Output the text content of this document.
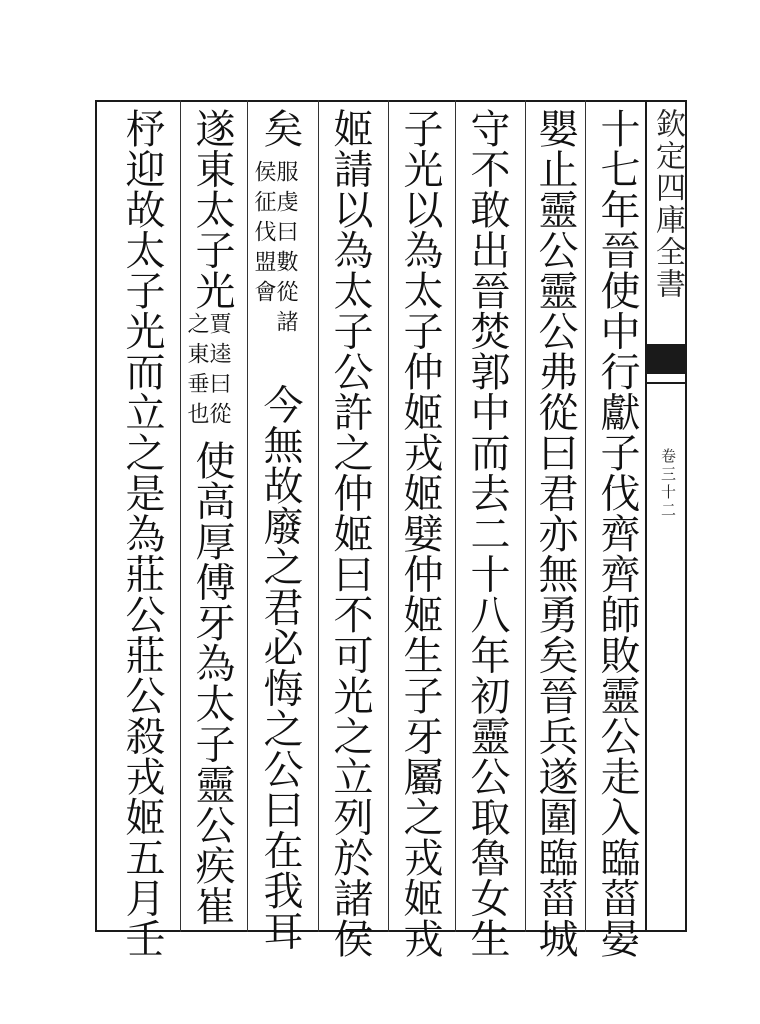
欽定四庫全書
卷三十二
十七年晉使中行獻子伐齊齊師敗靈公走入臨菑晏
嬰止靈公靈公弗從曰君亦無勇矣晉兵遂圍臨菑城
守不敢出晉焚郭中而去二十八年初靈公取魯女生
子光以為太子仲姬戎姬嬖仲姬生子牙屬之戎姬戎
姬請以為太子公許之仲姬曰不可光之立列於諸侯
矣
服虔曰數從諸
侯征伐盟會
今無故廢之君必悔之公曰在我耳
遂東太子光
賈逵曰從
之東垂也
使高厚傅牙為太子靈公疾崔
杼迎故太子光而立之是為莊公莊公殺戎姬五月壬
